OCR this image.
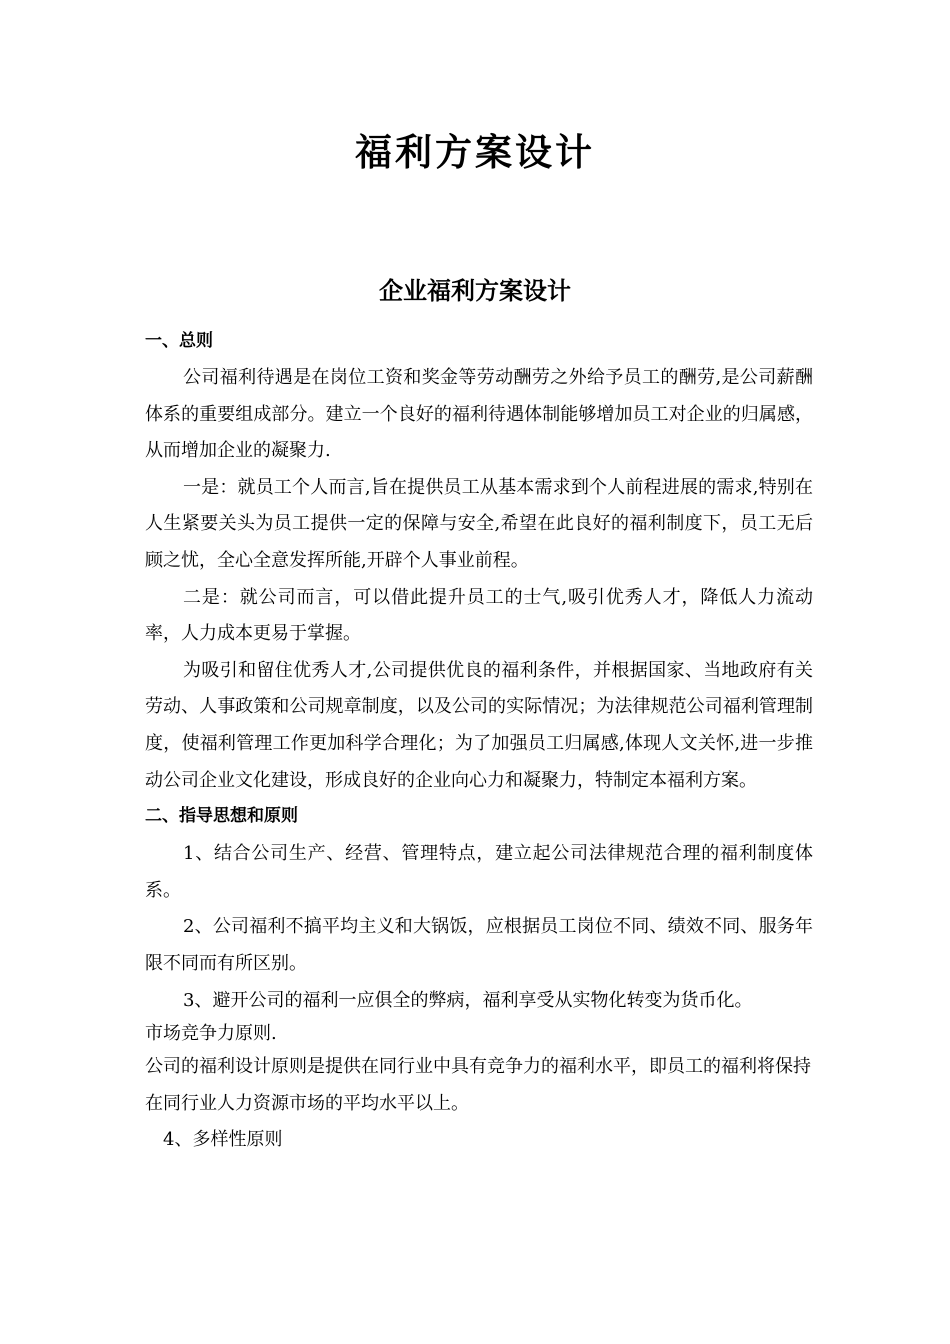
福利方案设计
企业福利方案设计

一、总则

公司福利待遇是在岗位工资和奖金等劳动酬劳之外给予员工的酬劳,是公司薪酬体系的重要组成部分。建立一个良好的福利待遇体制能够增加员工对企业的归属感，从而增加企业的凝聚力.

一是：就员工个人而言,旨在提供员工从基本需求到个人前程进展的需求,特别在人生紧要关头为员工提供一定的保障与安全,希望在此良好的福利制度下，员工无后顾之忧，全心全意发挥所能,开辟个人事业前程。

二是：就公司而言，可以借此提升员工的士气,吸引优秀人才，降低人力流动率，人力成本更易于掌握。

为吸引和留住优秀人才,公司提供优良的福利条件，并根据国家、当地政府有关劳动、人事政策和公司规章制度，以及公司的实际情况；为法律规范公司福利管理制度，使福利管理工作更加科学合理化；为了加强员工归属感,体现人文关怀,进一步推动公司企业文化建设，形成良好的企业向心力和凝聚力，特制定本福利方案。

二、指导思想和原则

1、结合公司生产、经营、管理特点，建立起公司法律规范合理的福利制度体系。

2、公司福利不搞平均主义和大锅饭，应根据员工岗位不同、绩效不同、服务年限不同而有所区别。

3、避开公司的福利一应俱全的弊病，福利享受从实物化转变为货币化。

市场竞争力原则.

公司的福利设计原则是提供在同行业中具有竞争力的福利水平，即员工的福利将保持在同行业人力资源市场的平均水平以上。

4、多样性原则
